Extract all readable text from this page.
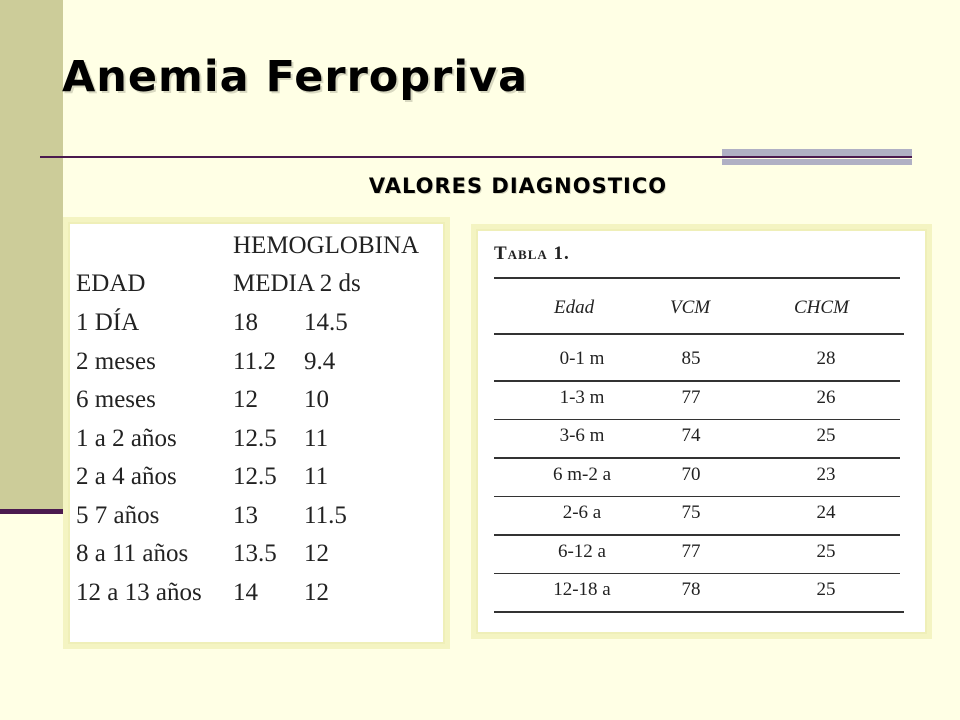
Anemia Ferropriva
VALORES DIAGNOSTICO
HEMOGLOBINA
EDAD	MEDIA 2 ds
1 DÍA	18 14.5
2 meses	11.2 9.4
6 meses	12 10
1 a 2 años 12.5 11
2 a 4 años 12.5 11
5 7 años	13 11.5
8 a 11 años 13.5 12
12 a 13 años 14 12
Tabla 1.
Edad	VCM	CHCM
0-1 m	85	28
1-3 m	77	26
3-6 m	74	25
6 m-2 a	70	23
2-6 a	75	24
6-12 a	77	25
12-18 a	78	25
